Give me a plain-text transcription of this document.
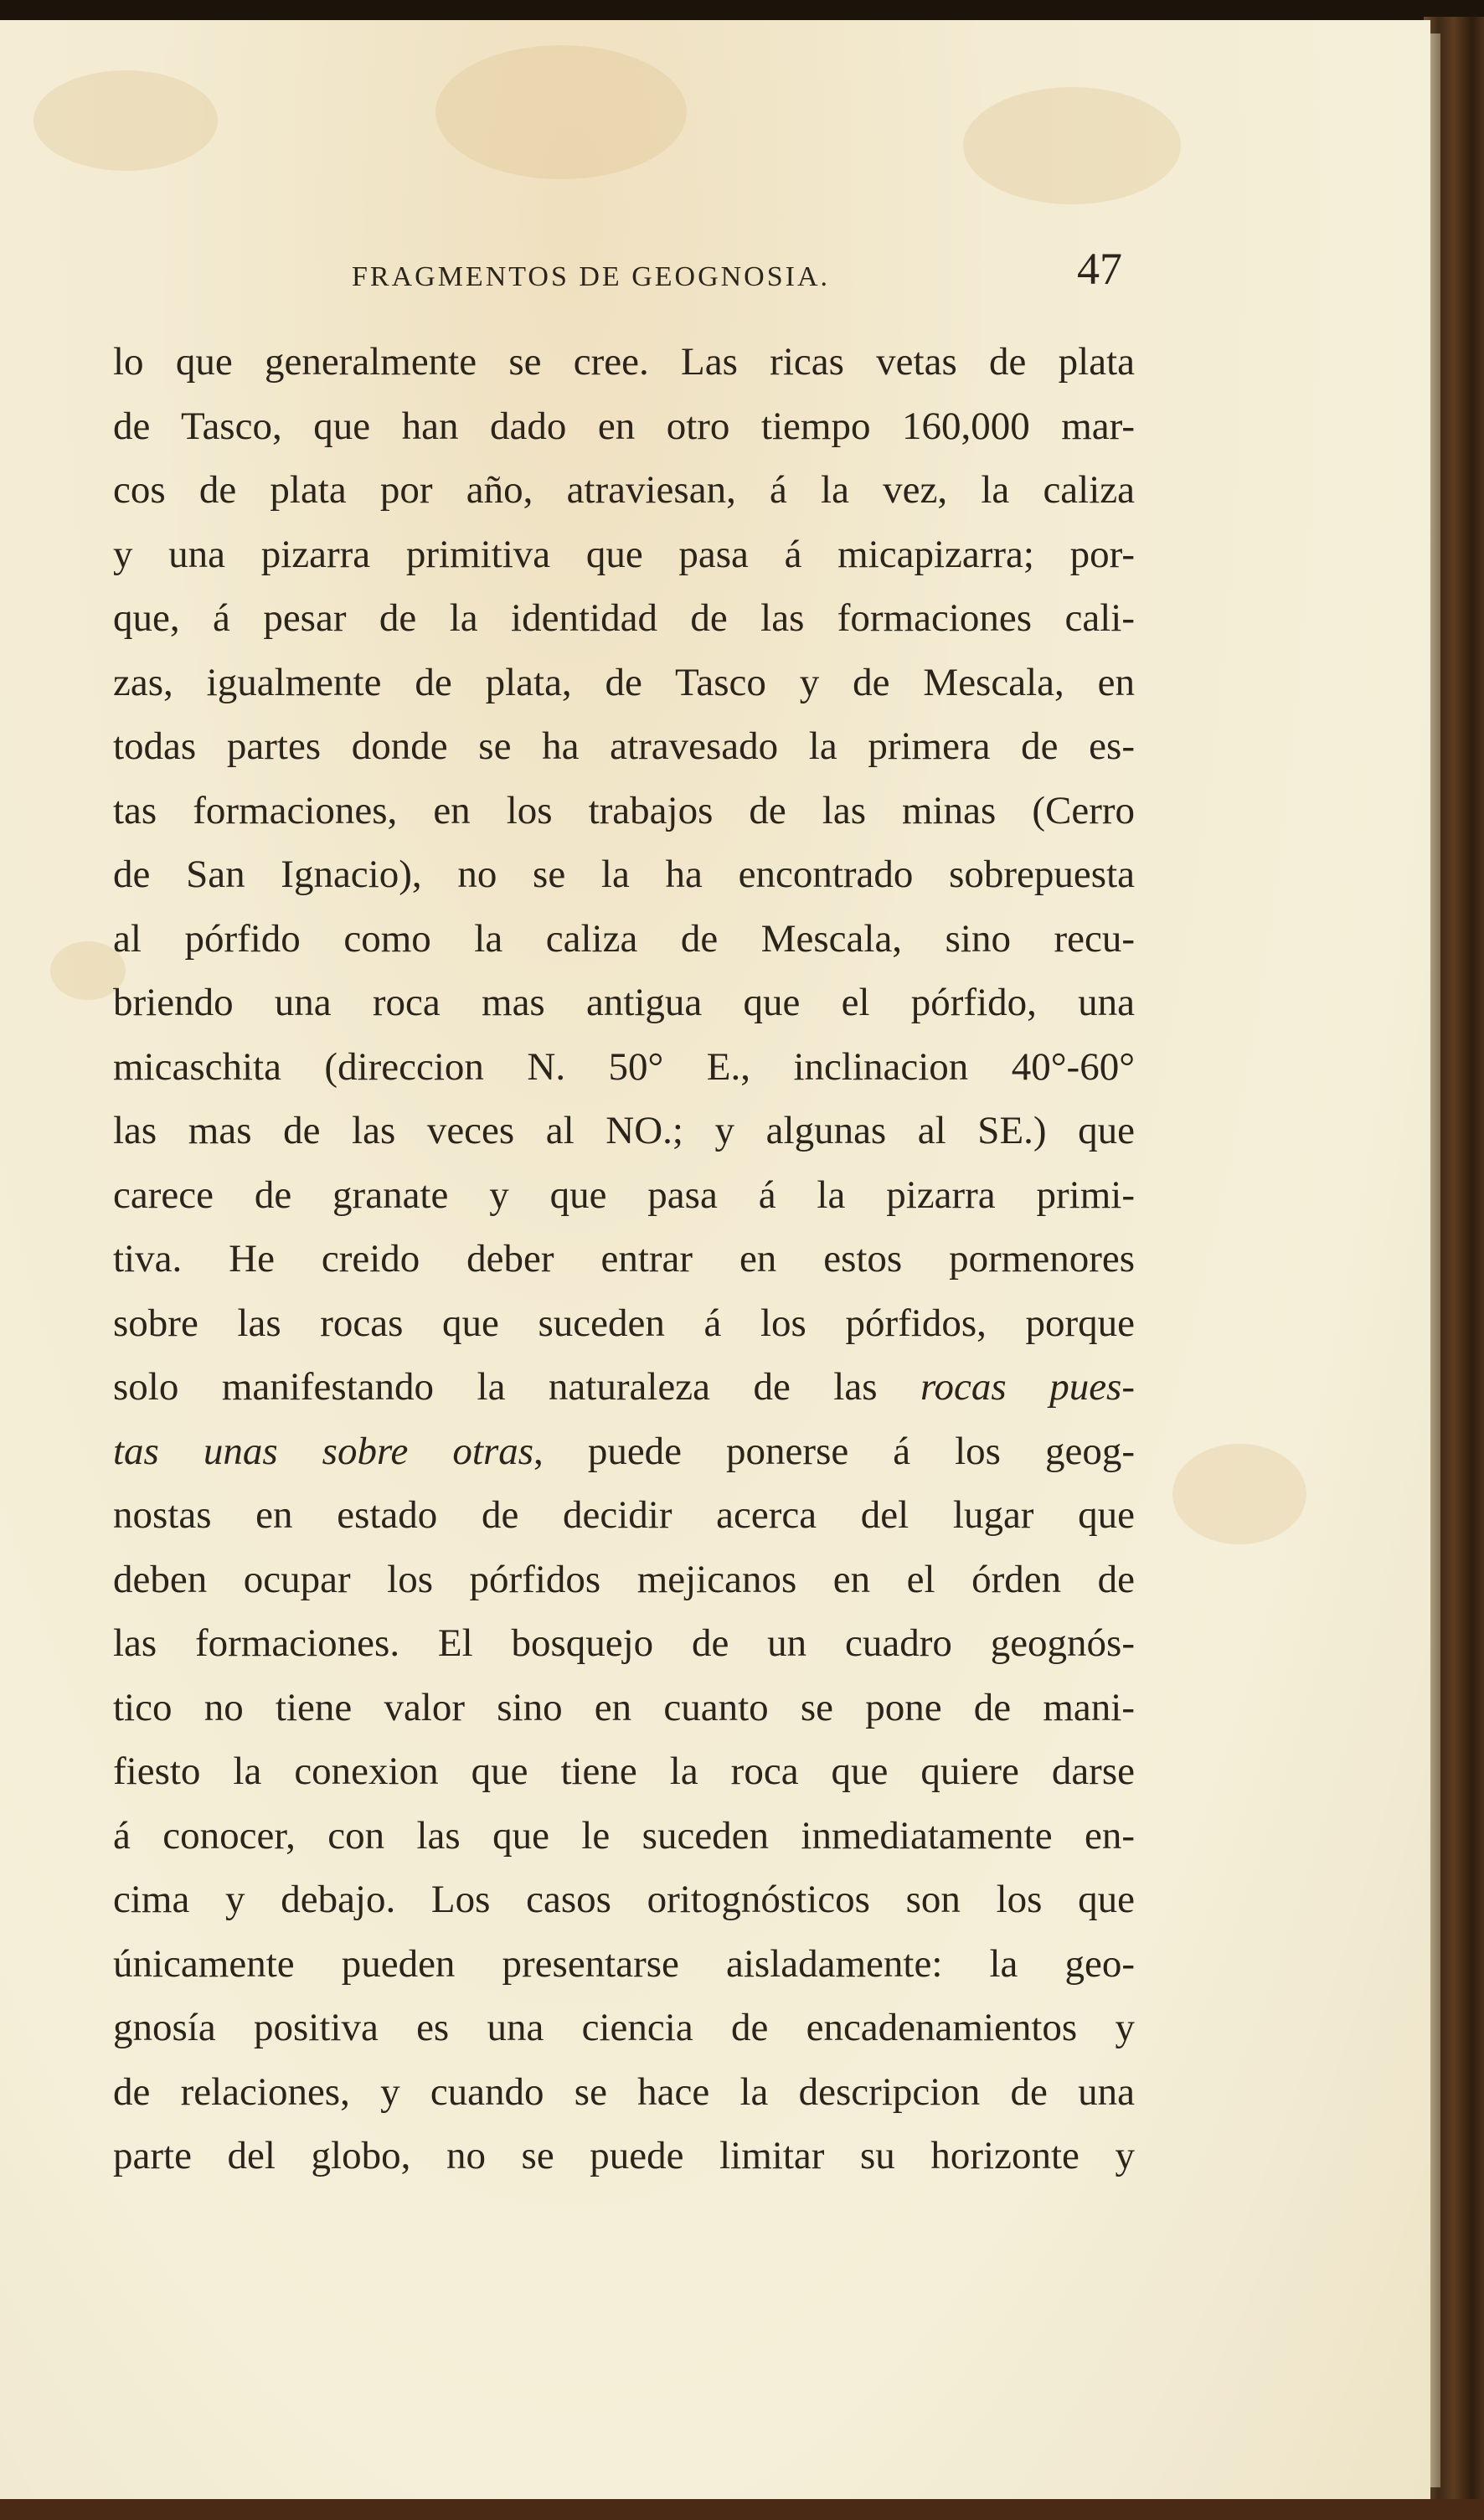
FRAGMENTOS DE GEOGNOSIA.	47
lo que generalmente se cree. Las ricas vetas de plata
de Tasco, que han dado en otro tiempo 160,000 mar-
cos de plata por año, atraviesan, á la vez, la caliza
y una pizarra primitiva que pasa á micapizarra; por-
que, á pesar de la identidad de las formaciones cali-
zas, igualmente de plata, de Tasco y de Mescala, en
todas partes donde se ha atravesado la primera de es-
tas formaciones, en los trabajos de las minas (Cerro
de San Ignacio), no se la ha encontrado sobrepuesta
al pórfido como la caliza de Mescala, sino recu-
briendo una roca mas antigua que el pórfido, una
micaschita (direccion N. 50° E., inclinacion 40°-60°
las mas de las veces al NO.; y algunas al SE.) que
carece de granate y que pasa á la pizarra primi-
tiva. He creido deber entrar en estos pormenores
sobre las rocas que suceden á los pórfidos, porque
solo manifestando la naturaleza de las rocas pues-
tas unas sobre otras, puede ponerse á los geog-
nostas en estado de decidir acerca del lugar que
deben ocupar los pórfidos mejicanos en el órden de
las formaciones. El bosquejo de un cuadro geognós-
tico no tiene valor sino en cuanto se pone de mani-
fiesto la conexion que tiene la roca que quiere darse
á conocer, con las que le suceden inmediatamente en-
cima y debajo. Los casos oritognósticos son los que
únicamente pueden presentarse aisladamente: la geo-
gnosía positiva es una ciencia de encadenamientos y
de relaciones, y cuando se hace la descripcion de una
parte del globo, no se puede limitar su horizonte y
